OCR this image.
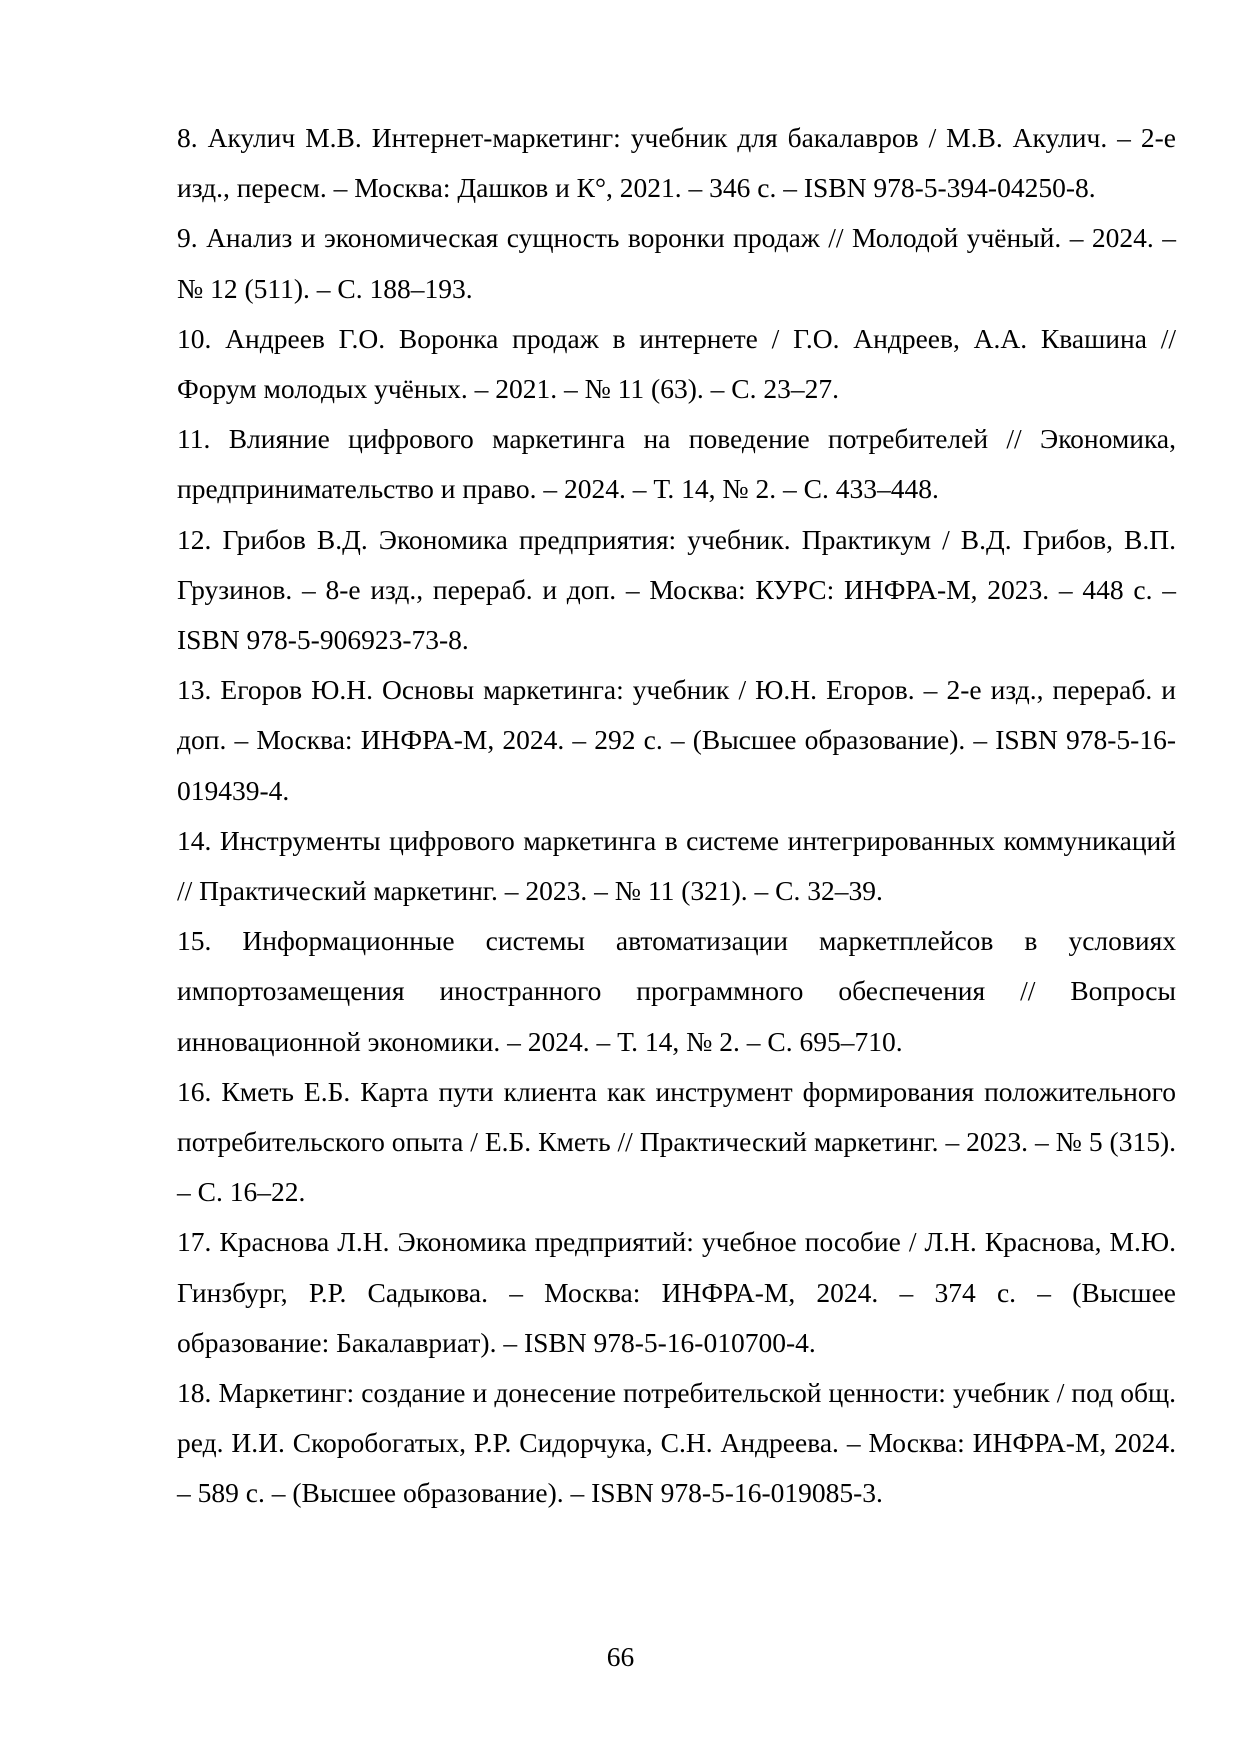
8. Акулич М.В. Интернет-маркетинг: учебник для бакалавров / М.В. Акулич. – 2-е изд., пересм. – Москва: Дашков и К°, 2021. – 346 с. – ISBN 978-5-394-04250-8.

9. Анализ и экономическая сущность воронки продаж // Молодой учёный. – 2024. – № 12 (511). – С. 188–193.

10. Андреев Г.О. Воронка продаж в интернете / Г.О. Андреев, А.А. Квашина // Форум молодых учёных. – 2021. – № 11 (63). – С. 23–27.

11. Влияние цифрового маркетинга на поведение потребителей // Экономика, предпринимательство и право. – 2024. – Т. 14, № 2. – С. 433–448.

12. Грибов В.Д. Экономика предприятия: учебник. Практикум / В.Д. Грибов, В.П. Грузинов. – 8-е изд., перераб. и доп. – Москва: КУРС: ИНФРА-М, 2023. – 448 с. – ISBN 978-5-906923-73-8.

13. Егоров Ю.Н. Основы маркетинга: учебник / Ю.Н. Егоров. – 2-е изд., перераб. и доп. – Москва: ИНФРА-М, 2024. – 292 с. – (Высшее образование). – ISBN 978-5-16-019439-4.

14. Инструменты цифрового маркетинга в системе интегрированных коммуникаций // Практический маркетинг. – 2023. – № 11 (321). – С. 32–39.

15. Информационные системы автоматизации маркетплейсов в условиях импортозамещения иностранного программного обеспечения // Вопросы инновационной экономики. – 2024. – Т. 14, № 2. – С. 695–710.

16. Кметь Е.Б. Карта пути клиента как инструмент формирования положительного потребительского опыта / Е.Б. Кметь // Практический маркетинг. – 2023. – № 5 (315). – С. 16–22.

17. Краснова Л.Н. Экономика предприятий: учебное пособие / Л.Н. Краснова, М.Ю. Гинзбург, Р.Р. Садыкова. – Москва: ИНФРА-М, 2024. – 374 с. – (Высшее образование: Бакалавриат). – ISBN 978-5-16-010700-4.

18. Маркетинг: создание и донесение потребительской ценности: учебник / под общ. ред. И.И. Скоробогатых, Р.Р. Сидорчука, С.Н. Андреева. – Москва: ИНФРА-М, 2024. – 589 с. – (Высшее образование). – ISBN 978-5-16-019085-3.

66
